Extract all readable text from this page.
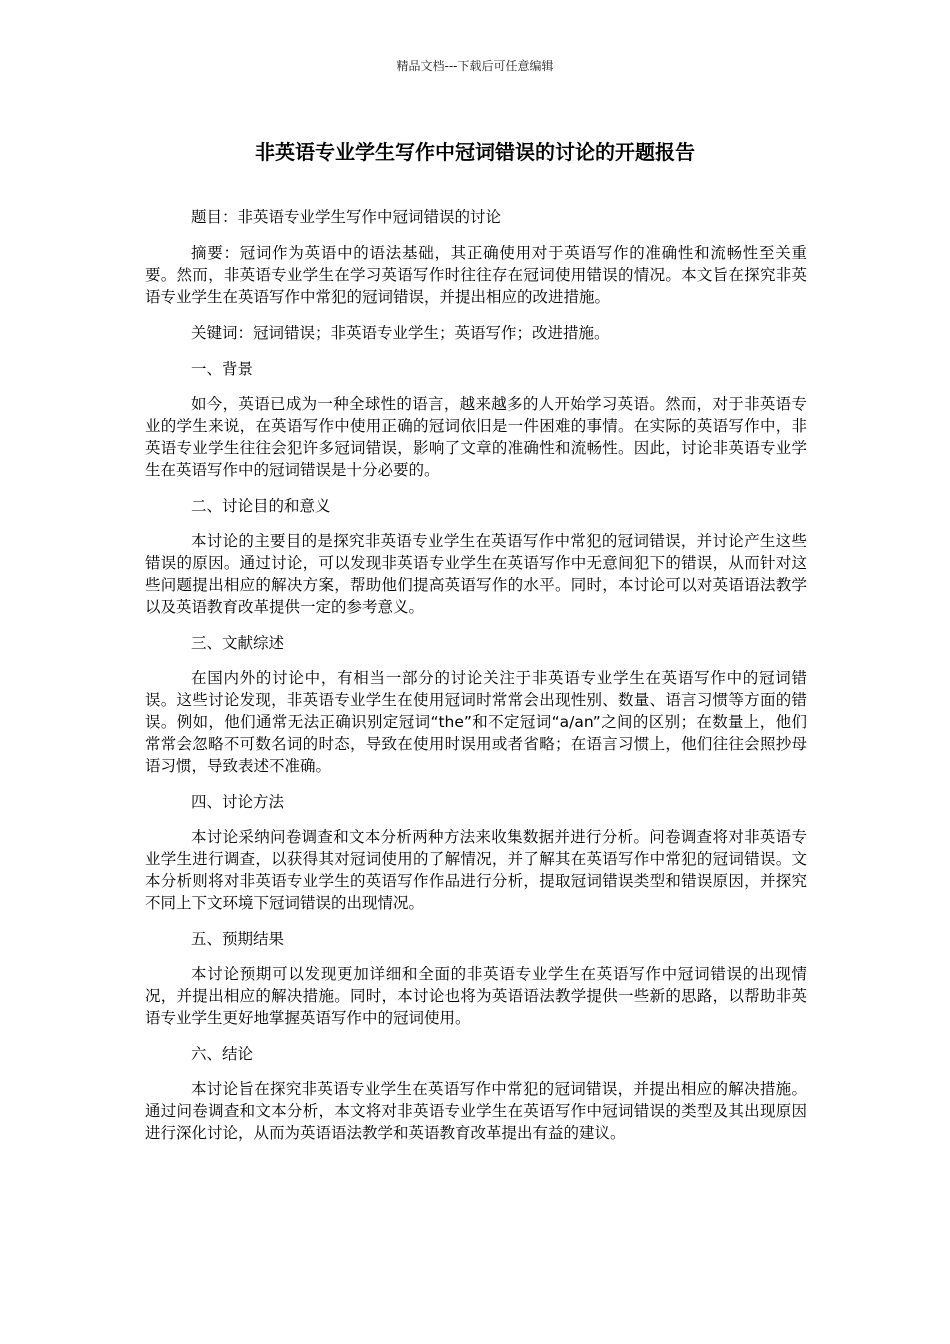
精品文档---下载后可任意编辑
非英语专业学生写作中冠词错误的讨论的开题报告

题目：非英语专业学生写作中冠词错误的讨论

摘要：冠词作为英语中的语法基础，其正确使用对于英语写作的准确性和流畅性至关重要。然而，非英语专业学生在学习英语写作时往往存在冠词使用错误的情况。本文旨在探究非英语专业学生在英语写作中常犯的冠词错误，并提出相应的改进措施。

关键词：冠词错误；非英语专业学生；英语写作；改进措施。

一、背景

如今，英语已成为一种全球性的语言，越来越多的人开始学习英语。然而，对于非英语专业的学生来说，在英语写作中使用正确的冠词依旧是一件困难的事情。在实际的英语写作中，非英语专业学生往往会犯许多冠词错误，影响了文章的准确性和流畅性。因此，讨论非英语专业学生在英语写作中的冠词错误是十分必要的。

二、讨论目的和意义

本讨论的主要目的是探究非英语专业学生在英语写作中常犯的冠词错误，并讨论产生这些错误的原因。通过讨论，可以发现非英语专业学生在英语写作中无意间犯下的错误，从而针对这些问题提出相应的解决方案，帮助他们提高英语写作的水平。同时，本讨论可以对英语语法教学以及英语教育改革提供一定的参考意义。

三、文献综述

在国内外的讨论中，有相当一部分的讨论关注于非英语专业学生在英语写作中的冠词错误。这些讨论发现，非英语专业学生在使用冠词时常常会出现性别、数量、语言习惯等方面的错误。例如，他们通常无法正确识别定冠词“the”和不定冠词“a/an”之间的区别；在数量上，他们常常会忽略不可数名词的时态，导致在使用时误用或者省略；在语言习惯上，他们往往会照抄母语习惯，导致表述不准确。

四、讨论方法

本讨论采纳问卷调查和文本分析两种方法来收集数据并进行分析。问卷调查将对非英语专业学生进行调查，以获得其对冠词使用的了解情况，并了解其在英语写作中常犯的冠词错误。文本分析则将对非英语专业学生的英语写作作品进行分析，提取冠词错误类型和错误原因，并探究不同上下文环境下冠词错误的出现情况。

五、预期结果

本讨论预期可以发现更加详细和全面的非英语专业学生在英语写作中冠词错误的出现情况，并提出相应的解决措施。同时，本讨论也将为英语语法教学提供一些新的思路，以帮助非英语专业学生更好地掌握英语写作中的冠词使用。

六、结论

本讨论旨在探究非英语专业学生在英语写作中常犯的冠词错误，并提出相应的解决措施。通过问卷调查和文本分析，本文将对非英语专业学生在英语写作中冠词错误的类型及其出现原因进行深化讨论，从而为英语语法教学和英语教育改革提出有益的建议。
